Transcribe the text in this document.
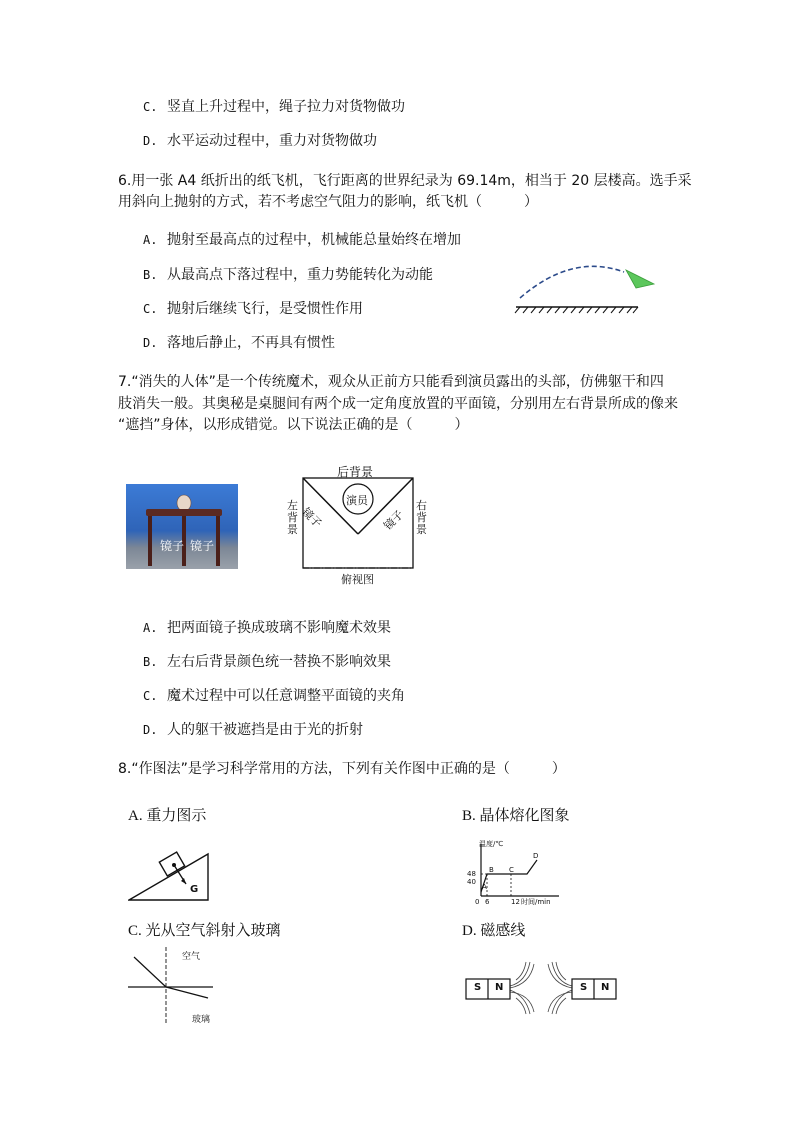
C. 竖直上升过程中，绳子拉力对货物做功
D. 水平运动过程中，重力对货物做功
6.用一张 A4 纸折出的纸飞机，飞行距离的世界纪录为 69.14m，相当于 20 层楼高。选手采
用斜向上抛射的方式，若不考虑空气阻力的影响，纸飞机（　　　）
A. 抛射至最高点的过程中，机械能总量始终在增加
B. 从最高点下落过程中，重力势能转化为动能
C. 抛射后继续飞行，是受惯性作用
D. 落地后静止，不再具有惯性
7.“消失的人体”是一个传统魔术，观众从正前方只能看到演员露出的头部，仿佛躯干和四
肢消失一般。其奥秘是桌腿间有两个成一定角度放置的平面镜，分别用左右背景所成的像来
“遮挡”身体，以形成错觉。以下说法正确的是（　　　）
镜子 镜子
后背景
演员
镜子	镜子
左背景
右背景
俯视图
A. 把两面镜子换成玻璃不影响魔术效果
B. 左右后背景颜色统一替换不影响效果
C. 魔术过程中可以任意调整平面镜的夹角
D. 人的躯干被遮挡是由于光的折射
8.“作图法”是学习科学常用的方法，下列有关作图中正确的是（　　　）
A. 重力图示	B. 晶体熔化图象
C. 光从空气斜射入玻璃	D. 磁感线
G
温度/℃
时间/min
48
40
0 6	12
A
B C
D
空气
玻璃
S N	S N
